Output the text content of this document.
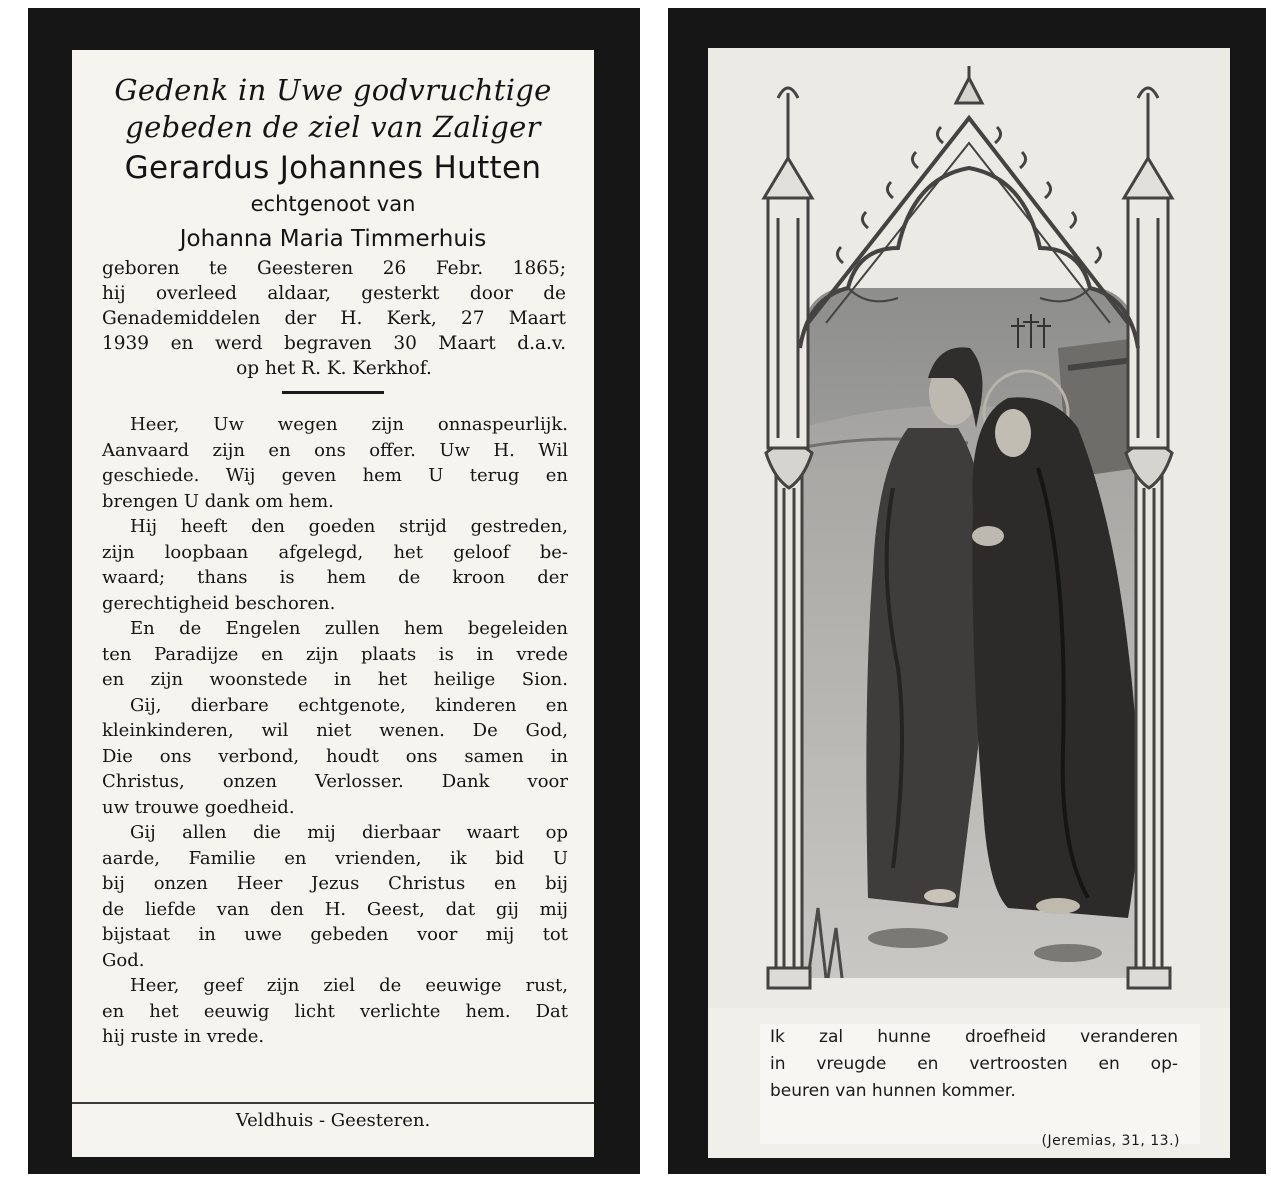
Gedenk in Uwe godvruchtige
gebeden de ziel van Zaliger
Gerardus Johannes Hutten
echtgenoot van
Johanna Maria Timmerhuis
geboren te Geesteren 26 Febr. 1865;
hij overleed aldaar, gesterkt door de
Genademiddelen der H. Kerk, 27 Maart
1939 en werd begraven 30 Maart d.a.v.
op het R. K. Kerkhof.

Heer, Uw wegen zijn onnaspeurlijk.
Aanvaard zijn en ons offer. Uw H. Wil
geschiede. Wij geven hem U terug en
brengen U dank om hem.

Hij heeft den goeden strijd gestreden,
zijn loopbaan afgelegd, het geloof be-
waard; thans is hem de kroon der
gerechtigheid beschoren.

En de Engelen zullen hem begeleiden
ten Paradijze en zijn plaats is in vrede
en zijn woonstede in het heilige Sion.

Gij, dierbare echtgenote, kinderen en
kleinkinderen, wil niet wenen. De God,
Die ons verbond, houdt ons samen in
Christus, onzen Verlosser. Dank voor
uw trouwe goedheid.

Gij allen die mij dierbaar waart op
aarde, Familie en vrienden, ik bid U
bij onzen Heer Jezus Christus en bij
de liefde van den H. Geest, dat gij mij
bijstaat in uwe gebeden voor mij tot
God.

Heer, geef zijn ziel de eeuwige rust,
en het eeuwig licht verlichte hem. Dat
hij ruste in vrede.

Veldhuis - Geesteren.
Ik zal hunne droefheid veranderen
in vreugde en vertroosten en op-
beuren van hunnen kommer.
(Jeremias, 31, 13.)
